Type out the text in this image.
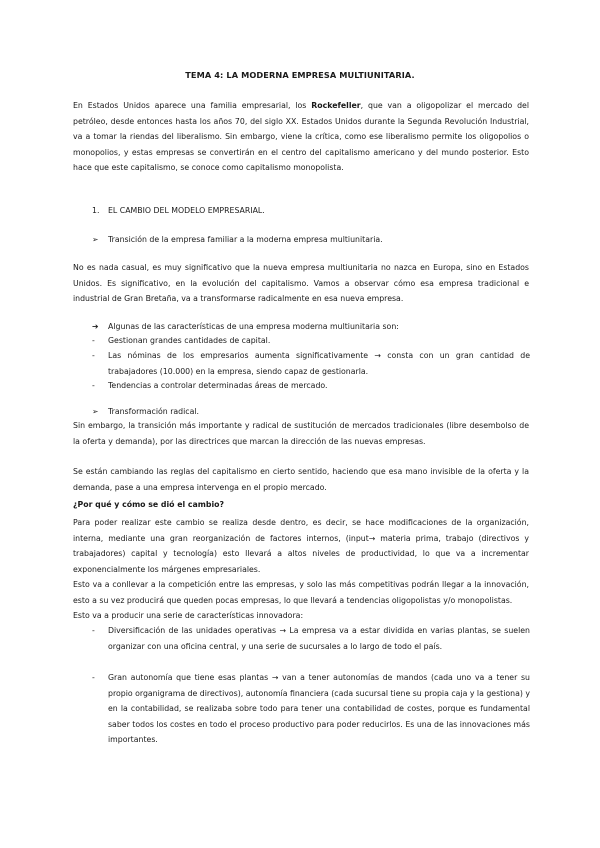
TEMA 4: LA MODERNA EMPRESA MULTIUNITARIA.
En Estados Unidos aparece una familia empresarial, los Rockefeller, que van a oligopolizar el mercado del petróleo, desde entonces hasta los años 70, del siglo XX. Estados Unidos durante la Segunda Revolución Industrial, va a tomar la riendas del liberalismo. Sin embargo, viene la crítica, como ese liberalismo permite los oligopolios o monopolios, y estas empresas se convertirán en el centro del capitalismo americano y del mundo posterior. Esto hace que este capitalismo, se conoce como capitalismo monopolista.
1. EL CAMBIO DEL MODELO EMPRESARIAL.
➢ Transición de la empresa familiar a la moderna empresa multiunitaria.
No es nada casual, es muy significativo que la nueva empresa multiunitaria no nazca en Europa, sino en Estados Unidos. Es significativo, en la evolución del capitalismo. Vamos a observar cómo esa empresa tradicional e industrial de Gran Bretaña, va a transformarse radicalmente en esa nueva empresa.
➔ Algunas de las características de una empresa moderna multiunitaria son:
- Gestionan grandes cantidades de capital.
- Las nóminas de los empresarios aumenta significativamente → consta con un gran cantidad de trabajadores (10.000) en la empresa, siendo capaz de gestionarla.
- Tendencias a controlar determinadas áreas de mercado.
➢ Transformación radical.
Sin embargo, la transición más importante y radical de sustitución de mercados tradicionales (libre desembolso de la oferta y demanda), por las directrices que marcan la dirección de las nuevas empresas.
Se están cambiando las reglas del capitalismo en cierto sentido, haciendo que esa mano invisible de la oferta y la demanda, pase a una empresa intervenga en el propio mercado.
¿Por qué y cómo se dió el cambio?
Para poder realizar este cambio se realiza desde dentro, es decir, se hace modificaciones de la organización, interna, mediante una gran reorganización de factores internos, (input→ materia prima, trabajo (directivos y trabajadores) capital y tecnología) esto llevará a altos niveles de productividad, lo que va a incrementar exponencialmente los márgenes empresariales.
Esto va a conllevar a la competición entre las empresas, y solo las más competitivas podrán llegar a la innovación, esto a su vez producirá que queden pocas empresas, lo que llevará a tendencias oligopolistas y/o monopolistas.
Esto va a producir una serie de características innovadora:
- Diversificación de las unidades operativas → La empresa va a estar dividida en varias plantas, se suelen organizar con una oficina central, y una serie de sucursales a lo largo de todo el país.
- Gran autonomía que tiene esas plantas → van a tener autonomías de mandos (cada uno va a tener su propio organigrama de directivos), autonomía financiera (cada sucursal tiene su propia caja y la gestiona) y en la contabilidad, se realizaba sobre todo para tener una contabilidad de costes, porque es fundamental saber todos los costes en todo el proceso productivo para poder reducirlos. Es una de las innovaciones más importantes.
